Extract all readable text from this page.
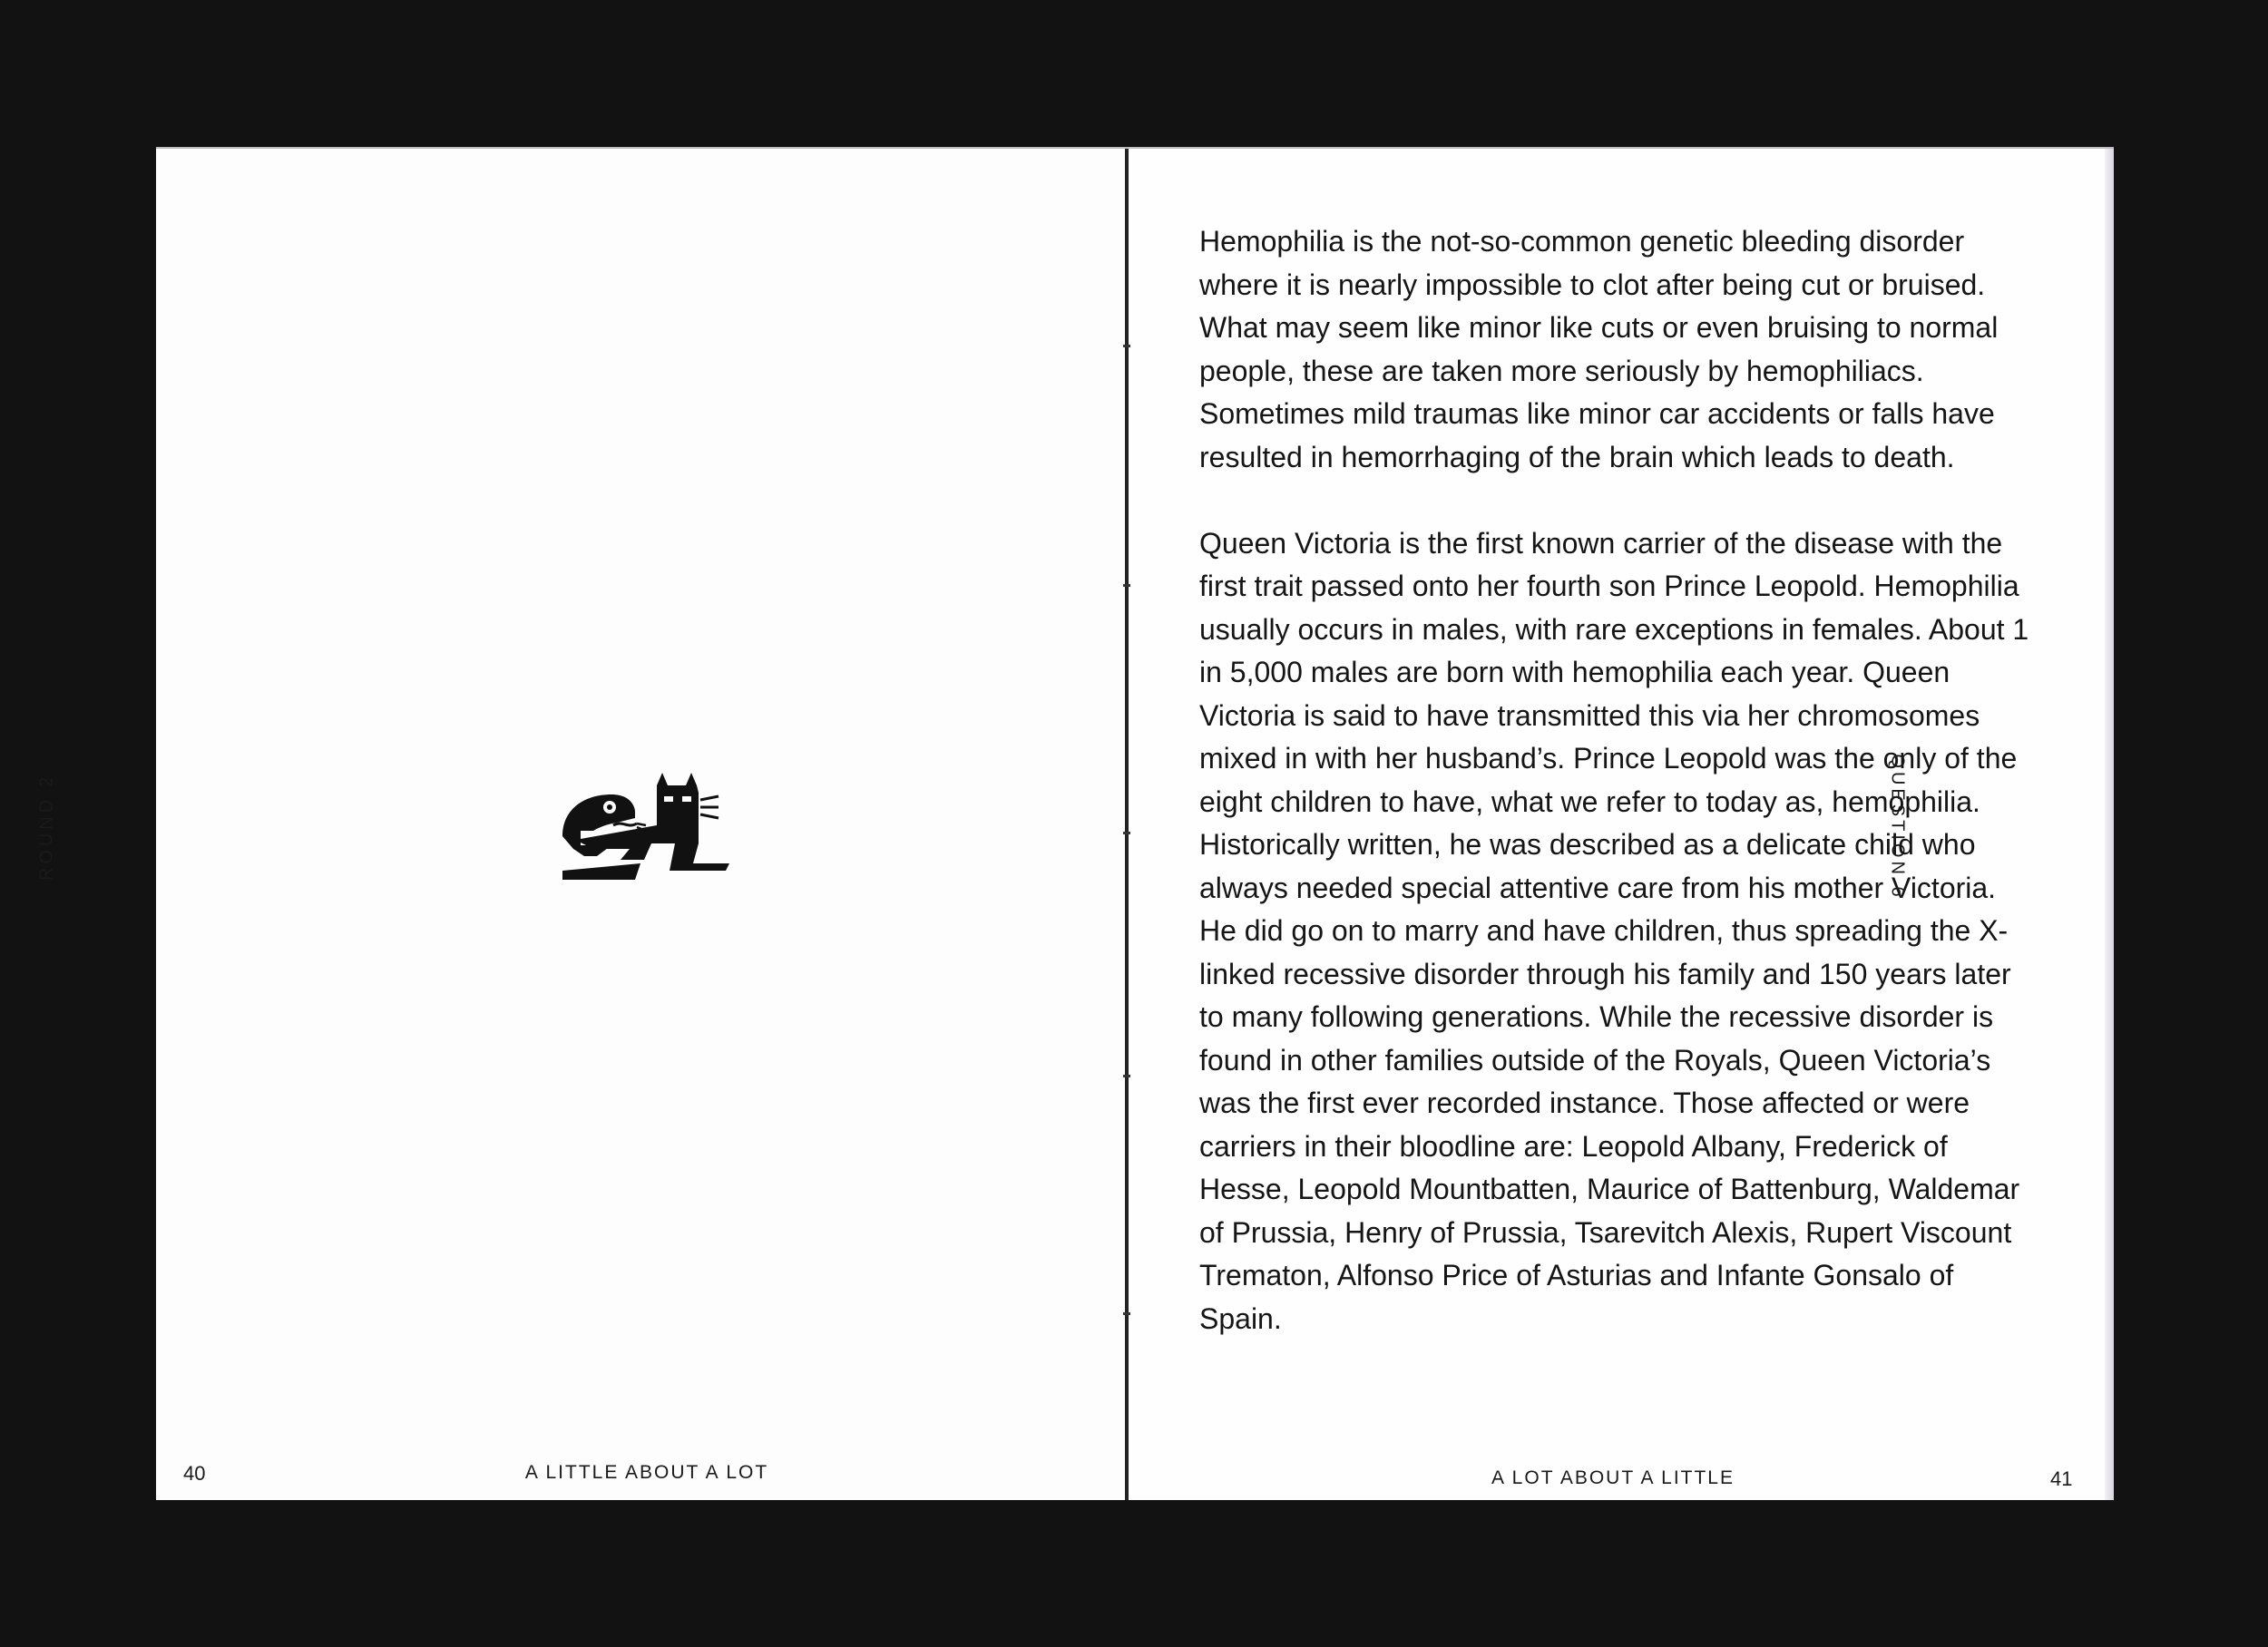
ROUND 2
40	A LITTLE ABOUT A LOT

Hemophilia is the not-so-common genetic bleeding disorder where it is nearly impossible to clot after being cut or bruised. What may seem like minor like cuts or even bruising to normal people, these are taken more seriously by hemophiliacs. Sometimes mild traumas like minor car accidents or falls have resulted in hemorrhaging of the brain which leads to death.

Queen Victoria is the first known carrier of the disease with the first trait passed onto her fourth son Prince Leopold. Hemophilia usually occurs in males, with rare exceptions in females. About 1 in 5,000 males are born with hemophilia each year. Queen Victoria is said to have transmitted this via her chromosomes mixed in with her husband’s. Prince Leopold was the only of the eight children to have, what we refer to today as, hemophilia. Historically written, he was described as a delicate child who always needed special attentive care from his mother Victoria. He did go on to marry and have children, thus spreading the X-linked recessive disorder through his family and 150 years later to many following generations. While the recessive disorder is found in other families outside of the Royals, Queen Victoria’s was the first ever recorded instance. Those affected or were carriers in their bloodline are: Leopold Albany, Frederick of Hesse, Leopold Mountbatten, Maurice of Battenburg, Waldemar of Prussia, Henry of Prussia, Tsarevitch Alexis, Rupert Viscount Trematon, Alfonso Price of Asturias and Infante Gonsalo of Spain.

QUESTION 6
A LOT ABOUT A LITTLE	41
